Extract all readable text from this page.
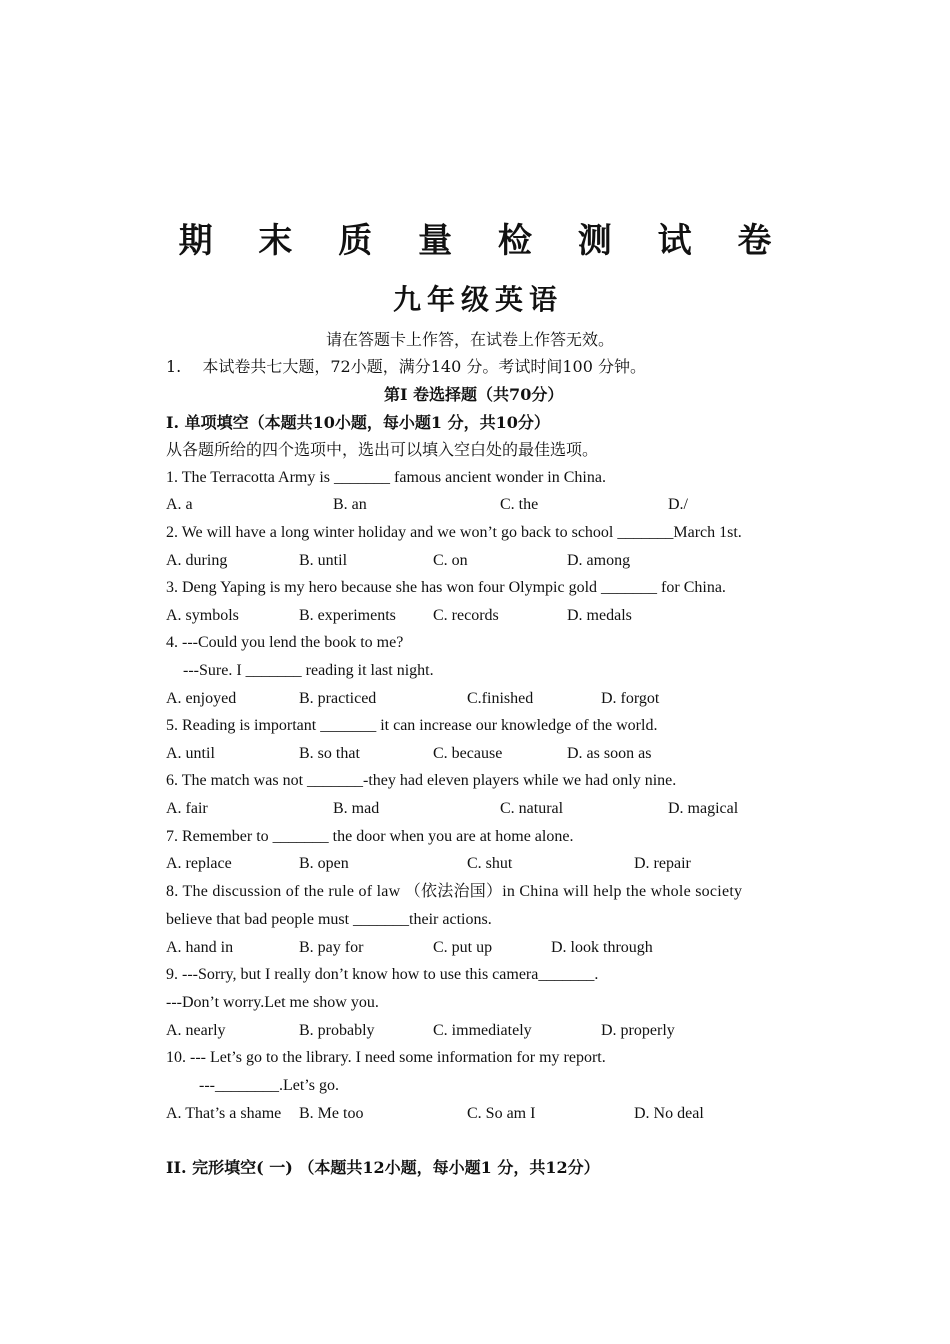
期 末 质 量 检 测 试 卷
九年级英语
请在答题卡上作答，在试卷上作答无效。
1.　 本试卷共七大题，72小题，满分140 分。考试时间100 分钟。
第Ⅰ 卷选择题（共70分）
I. 单项填空（本题共10小题，每小题1 分，共10分）
从各题所给的四个选项中，选出可以填入空白处的最佳选项。
1. The Terracotta Army is _______ famous ancient wonder in China.
A. a	B. an	C. the	D./
2. We will have a long winter holiday and we won’t go back to school _______March 1st.
A. during	B. until	C. on	D. among
3. Deng Yaping is my hero because she has won four Olympic gold _______ for China.
A. symbols	B. experiments C. records	D. medals
4. ---Could you lend the book to me?
---Sure. I _______ reading it last night.
A. enjoyed	B. practiced	C.finished	D. forgot
5. Reading is important _______ it can increase our knowledge of the world.
A. until	B. so that	C. because	D. as soon as
6. The match was not _______-they had eleven players while we had only nine.
A. fair	B. mad	C. natural	D. magical
7. Remember to _______ the door when you are at home alone.
A. replace	B. open	C. shut	D. repair
8. The discussion of the rule of law （依法治国）in China will help the whole society
believe that bad people must _______their actions.
A. hand in	B. pay for	C. put up	D. look through
9. ---Sorry, but I really don’t know how to use this camera_______.
---Don’t worry.Let me show you.
A. nearly	B. probably	C. immediately	D. properly
10. --- Let’s go to the library. I need some information for my report.
---________.Let’s go.
A. That’s a shame B. Me too	C. So am I	D. No deal
II. 完形填空( 一) （本题共12小题，每小题1 分，共12分）
